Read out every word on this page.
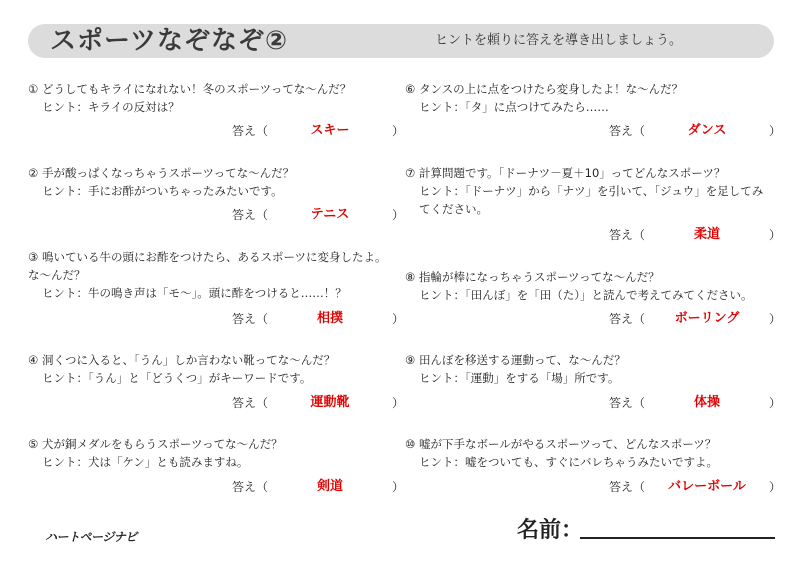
スポーツなぞなぞ②	ヒントを頼りに答えを導き出しましょう。
① どうしてもキライになれない！冬のスポーツってな〜んだ？
ヒント：キライの反対は？
答え（	スキー	）
② 手が酸っぱくなっちゃうスポーツってな〜んだ？
ヒント：手にお酢がついちゃったみたいです。
答え（	テニス	）
③ 鳴いている牛の頭にお酢をつけたら、あるスポーツに変身したよ。な〜んだ？
ヒント：牛の鳴き声は「モ〜」。頭に酢をつけると……！？
答え（	相撲	）
④ 洞くつに入ると、「うん」しか言わない靴ってな〜んだ？
ヒント：「うん」と「どうくつ」がキーワードです。
答え（	運動靴	）
⑤ 犬が銅メダルをもらうスポーツってな〜んだ？
ヒント：犬は「ケン」とも読みますね。
答え（	剣道	）
⑥ タンスの上に点をつけたら変身したよ！な〜んだ？
ヒント：「タ」に点つけてみたら……
答え（	ダンス	）
⑦ 計算問題です。「ドーナツ－夏＋10」ってどんなスポーツ？
ヒント：「ドーナツ」から「ナツ」を引いて、「ジュウ」を足してみてください。
答え（	柔道	）
⑧ 指輪が棒になっちゃうスポーツってな〜んだ？
ヒント：「田んぼ」を「田（た）」と読んで考えてみてください。
答え（	ボーリング	）
⑨ 田んぼを移送する運動って、な〜んだ？
ヒント：「運動」をする「場」所です。
答え（	体操	）
⑩ 嘘が下手なボールがやるスポーツって、どんなスポーツ？
ヒント：嘘をついても、すぐにバレちゃうみたいですよ。
答え（	バレーボール	）
ハートページナビ	名前：
